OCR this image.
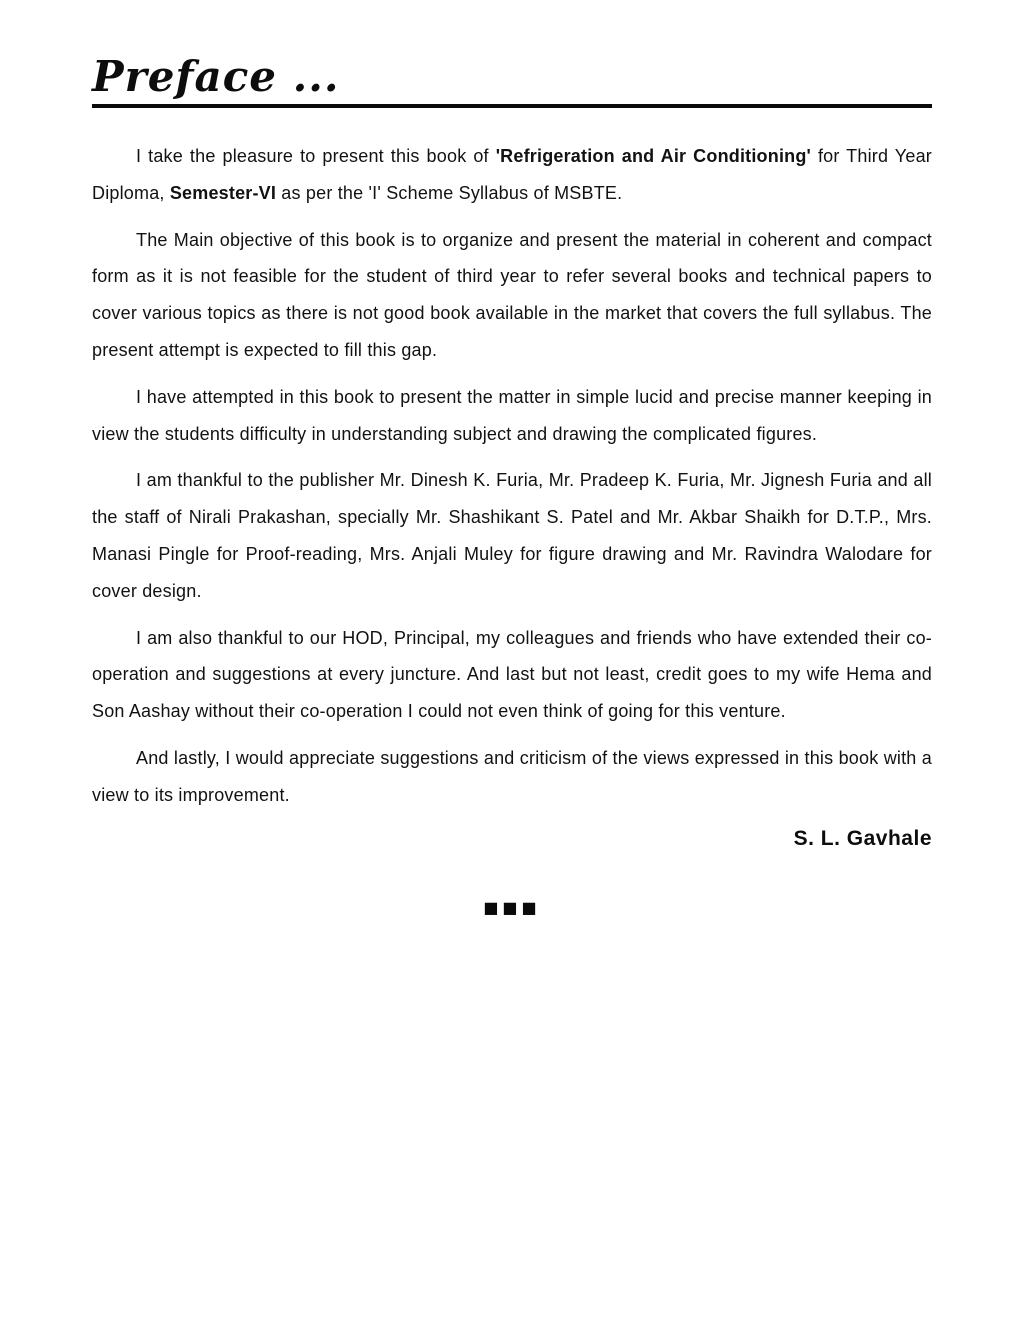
Preface ...

I take the pleasure to present this book of 'Refrigeration and Air Conditioning' for Third Year Diploma, Semester-VI as per the 'I' Scheme Syllabus of MSBTE.

The Main objective of this book is to organize and present the material in coherent and compact form as it is not feasible for the student of third year to refer several books and technical papers to cover various topics as there is not good book available in the market that covers the full syllabus. The present attempt is expected to fill this gap.

I have attempted in this book to present the matter in simple lucid and precise manner keeping in view the students difficulty in understanding subject and drawing the complicated figures.

I am thankful to the publisher Mr. Dinesh K. Furia, Mr. Pradeep K. Furia, Mr. Jignesh Furia and all the staff of Nirali Prakashan, specially Mr. Shashikant S. Patel and Mr. Akbar Shaikh for D.T.P., Mrs. Manasi Pingle for Proof-reading, Mrs. Anjali Muley for figure drawing and Mr. Ravindra Walodare for cover design.

I am also thankful to our HOD, Principal, my colleagues and friends who have extended their co-operation and suggestions at every juncture. And last but not least, credit goes to my wife Hema and Son Aashay without their co-operation I could not even think of going for this venture.

And lastly, I would appreciate suggestions and criticism of the views expressed in this book with a view to its improvement.

S. L. Gavhale
■■■
